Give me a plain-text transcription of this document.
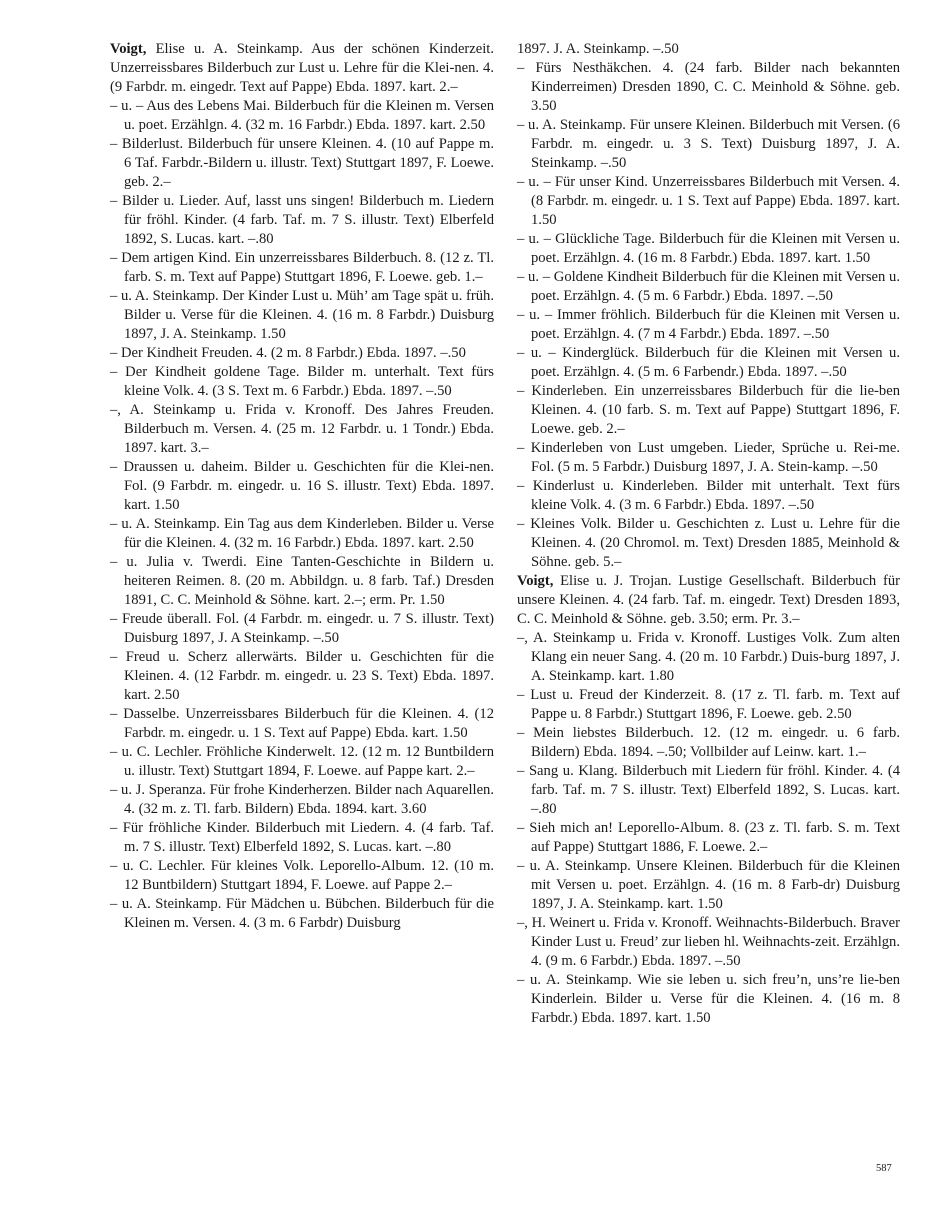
Voigt, Elise u. A. Steinkamp. Aus der schönen Kinderzeit. Unzerreissbares Bilderbuch zur Lust u. Lehre für die Klei-nen. 4. (9 Farbdr. m. eingedr. Text auf Pappe) Ebda. 1897. kart. 2.–
– u. – Aus des Lebens Mai. Bilderbuch für die Kleinen m. Versen u. poet. Erzählgn. 4. (32 m. 16 Farbdr.) Ebda. 1897. kart. 2.50
– Bilderlust. Bilderbuch für unsere Kleinen. 4. (10 auf Pappe m. 6 Taf. Farbdr.-Bildern u. illustr. Text) Stuttgart 1897, F. Loewe. geb. 2.–
– Bilder u. Lieder. Auf, lasst uns singen! Bilderbuch m. Liedern für fröhl. Kinder. (4 farb. Taf. m. 7 S. illustr. Text) Elberfeld 1892, S. Lucas. kart. –.80
– Dem artigen Kind. Ein unzerreissbares Bilderbuch. 8. (12 z. Tl. farb. S. m. Text auf Pappe) Stuttgart 1896, F. Loewe. geb. 1.–
– u. A. Steinkamp. Der Kinder Lust u. Müh’ am Tage spät u. früh. Bilder u. Verse für die Kleinen. 4. (16 m. 8 Farbdr.) Duisburg 1897, J. A. Steinkamp. 1.50
– Der Kindheit Freuden. 4. (2 m. 8 Farbdr.) Ebda. 1897. –.50
– Der Kindheit goldene Tage. Bilder m. unterhalt. Text fürs kleine Volk. 4. (3 S. Text m. 6 Farbdr.) Ebda. 1897. –.50
–, A. Steinkamp u. Frida v. Kronoff. Des Jahres Freuden. Bilderbuch m. Versen. 4. (25 m. 12 Farbdr. u. 1 Tondr.) Ebda. 1897. kart. 3.–
– Draussen u. daheim. Bilder u. Geschichten für die Klei-nen. Fol. (9 Farbdr. m. eingedr. u. 16 S. illustr. Text) Ebda. 1897. kart. 1.50
– u. A. Steinkamp. Ein Tag aus dem Kinderleben. Bilder u. Verse für die Kleinen. 4. (32 m. 16 Farbdr.) Ebda. 1897. kart. 2.50
– u. Julia v. Twerdi. Eine Tanten-Geschichte in Bildern u. heiteren Reimen. 8. (20 m. Abbildgn. u. 8 farb. Taf.) Dresden 1891, C. C. Meinhold & Söhne. kart. 2.–; erm. Pr. 1.50
– Freude überall. Fol. (4 Farbdr. m. eingedr. u. 7 S. illustr. Text) Duisburg 1897, J. A Steinkamp. –.50
– Freud u. Scherz allerwärts. Bilder u. Geschichten für die Kleinen. 4. (12 Farbdr. m. eingedr. u. 23 S. Text) Ebda. 1897. kart. 2.50
– Dasselbe. Unzerreissbares Bilderbuch für die Kleinen. 4. (12 Farbdr. m. eingedr. u. 1 S. Text auf Pappe) Ebda. kart. 1.50
– u. C. Lechler. Fröhliche Kinderwelt. 12. (12 m. 12 Buntbildern u. illustr. Text) Stuttgart 1894, F. Loewe. auf Pappe kart. 2.–
– u. J. Speranza. Für frohe Kinderherzen. Bilder nach Aquarellen. 4. (32 m. z. Tl. farb. Bildern) Ebda. 1894. kart. 3.60
– Für fröhliche Kinder. Bilderbuch mit Liedern. 4. (4 farb. Taf. m. 7 S. illustr. Text) Elberfeld 1892, S. Lucas. kart. –.80
– u. C. Lechler. Für kleines Volk. Leporello-Album. 12. (10 m. 12 Buntbildern) Stuttgart 1894, F. Loewe. auf Pappe 2.–
– u. A. Steinkamp. Für Mädchen u. Bübchen. Bilderbuch für die Kleinen m. Versen. 4. (3 m. 6 Farbdr) Duisburg
1897. J. A. Steinkamp. –.50
– Fürs Nesthäkchen. 4. (24 farb. Bilder nach bekannten Kinderreimen) Dresden 1890, C. C. Meinhold & Söhne. geb. 3.50
– u. A. Steinkamp. Für unsere Kleinen. Bilderbuch mit Versen. (6 Farbdr. m. eingedr. u. 3 S. Text) Duisburg 1897, J. A. Steinkamp. –.50
– u. – Für unser Kind. Unzerreissbares Bilderbuch mit Versen. 4. (8 Farbdr. m. eingedr. u. 1 S. Text auf Pappe) Ebda. 1897. kart. 1.50
– u. – Glückliche Tage. Bilderbuch für die Kleinen mit Versen u. poet. Erzählgn. 4. (16 m. 8 Farbdr.) Ebda. 1897. kart. 1.50
– u. – Goldene Kindheit Bilderbuch für die Kleinen mit Versen u. poet. Erzählgn. 4. (5 m. 6 Farbdr.) Ebda. 1897. –.50
– u. – Immer fröhlich. Bilderbuch für die Kleinen mit Versen u. poet. Erzählgn. 4. (7 m 4 Farbdr.) Ebda. 1897. –.50
– u. – Kinderglück. Bilderbuch für die Kleinen mit Versen u. poet. Erzählgn. 4. (5 m. 6 Farbendr.) Ebda. 1897. –.50
– Kinderleben. Ein unzerreissbares Bilderbuch für die lie-ben Kleinen. 4. (10 farb. S. m. Text auf Pappe) Stuttgart 1896, F. Loewe. geb. 2.–
– Kinderleben von Lust umgeben. Lieder, Sprüche u. Rei-me. Fol. (5 m. 5 Farbdr.) Duisburg 1897, J. A. Stein-kamp. –.50
– Kinderlust u. Kinderleben. Bilder mit unterhalt. Text fürs kleine Volk. 4. (3 m. 6 Farbdr.) Ebda. 1897. –.50
– Kleines Volk. Bilder u. Geschichten z. Lust u. Lehre für die Kleinen. 4. (20 Chromol. m. Text) Dresden 1885, Meinhold & Söhne. geb. 5.–
Voigt, Elise u. J. Trojan. Lustige Gesellschaft. Bilderbuch für unsere Kleinen. 4. (24 farb. Taf. m. eingedr. Text) Dresden 1893, C. C. Meinhold & Söhne. geb. 3.50; erm. Pr. 3.–
–, A. Steinkamp u. Frida v. Kronoff. Lustiges Volk. Zum alten Klang ein neuer Sang. 4. (20 m. 10 Farbdr.) Duis-burg 1897, J. A. Steinkamp. kart. 1.80
– Lust u. Freud der Kinderzeit. 8. (17 z. Tl. farb. m. Text auf Pappe u. 8 Farbdr.) Stuttgart 1896, F. Loewe. geb. 2.50
– Mein liebstes Bilderbuch. 12. (12 m. eingedr. u. 6 farb. Bildern) Ebda. 1894. –.50; Vollbilder auf Leinw. kart. 1.–
– Sang u. Klang. Bilderbuch mit Liedern für fröhl. Kinder. 4. (4 farb. Taf. m. 7 S. illustr. Text) Elberfeld 1892, S. Lucas. kart. –.80
– Sieh mich an! Leporello-Album. 8. (23 z. Tl. farb. S. m. Text auf Pappe) Stuttgart 1886, F. Loewe. 2.–
– u. A. Steinkamp. Unsere Kleinen. Bilderbuch für die Kleinen mit Versen u. poet. Erzählgn. 4. (16 m. 8 Farb-dr) Duisburg 1897, J. A. Steinkamp. kart. 1.50
–, H. Weinert u. Frida v. Kronoff. Weihnachts-Bilderbuch. Braver Kinder Lust u. Freud’ zur lieben hl. Weihnachts-zeit. Erzählgn. 4. (9 m. 6 Farbdr.) Ebda. 1897. –.50
– u. A. Steinkamp. Wie sie leben u. sich freu’n, uns’re lie-ben Kinderlein. Bilder u. Verse für die Kleinen. 4. (16 m. 8 Farbdr.) Ebda. 1897. kart. 1.50
587
